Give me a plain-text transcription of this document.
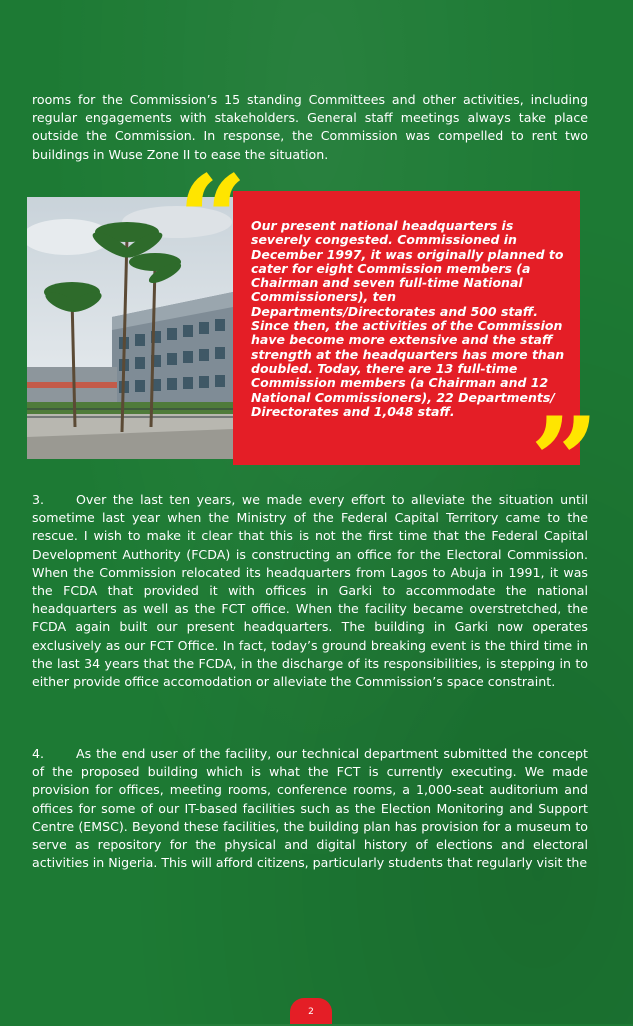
rooms for the Commission’s 15 standing Committees and other activities, including regular engagements with stakeholders. General staff meetings always take place outside the Commission. In response, the Commission was compelled to rent two buildings in Wuse Zone II to ease the situation.

Our present national headquarters is severely congested. Commissioned in December 1997, it was originally planned to cater for eight Commission members (a Chairman and seven full-time National Commissioners), ten Departments/Directorates and 500 staff. Since then, the activities of the Commission have become more extensive and the staff strength at the headquarters has more than doubled. Today, there are 13 full-time Commission members (a Chairman and 12 National Commissioners), 22 Departments/ Directorates and 1,048 staff.

“
”

3.	Over the last ten years, we made every effort to alleviate the situation until sometime last year when the Ministry of the Federal Capital Territory came to the rescue. I wish to make it clear that this is not the first time that the Federal Capital Development Authority (FCDA) is constructing an office for the Electoral Commission. When the Commission relocated its headquarters from Lagos to Abuja in 1991, it was the FCDA that provided it with offices in Garki to accommodate the national headquarters as well as the FCT office. When the facility became overstretched, the FCDA again built our present headquarters. The building in Garki now operates exclusively as our FCT Office. In fact, today’s ground breaking event is the third time in the last 34 years that the FCDA, in the discharge of its responsibilities, is stepping in to either provide office accomodation or alleviate the Commission’s space constraint.

4.	As the end user of the facility, our technical department submitted the concept of the proposed building which is what the FCT is currently executing. We made provision for offices, meeting rooms, conference rooms, a 1,000-seat auditorium and offices for some of our IT-based facilities such as the Election Monitoring and Support Centre (EMSC). Beyond these facilities, the building plan has provision for a museum to serve as repository for the physical and digital history of elections and electoral activities in Nigeria. This will afford citizens, particularly students that regularly visit the

2
